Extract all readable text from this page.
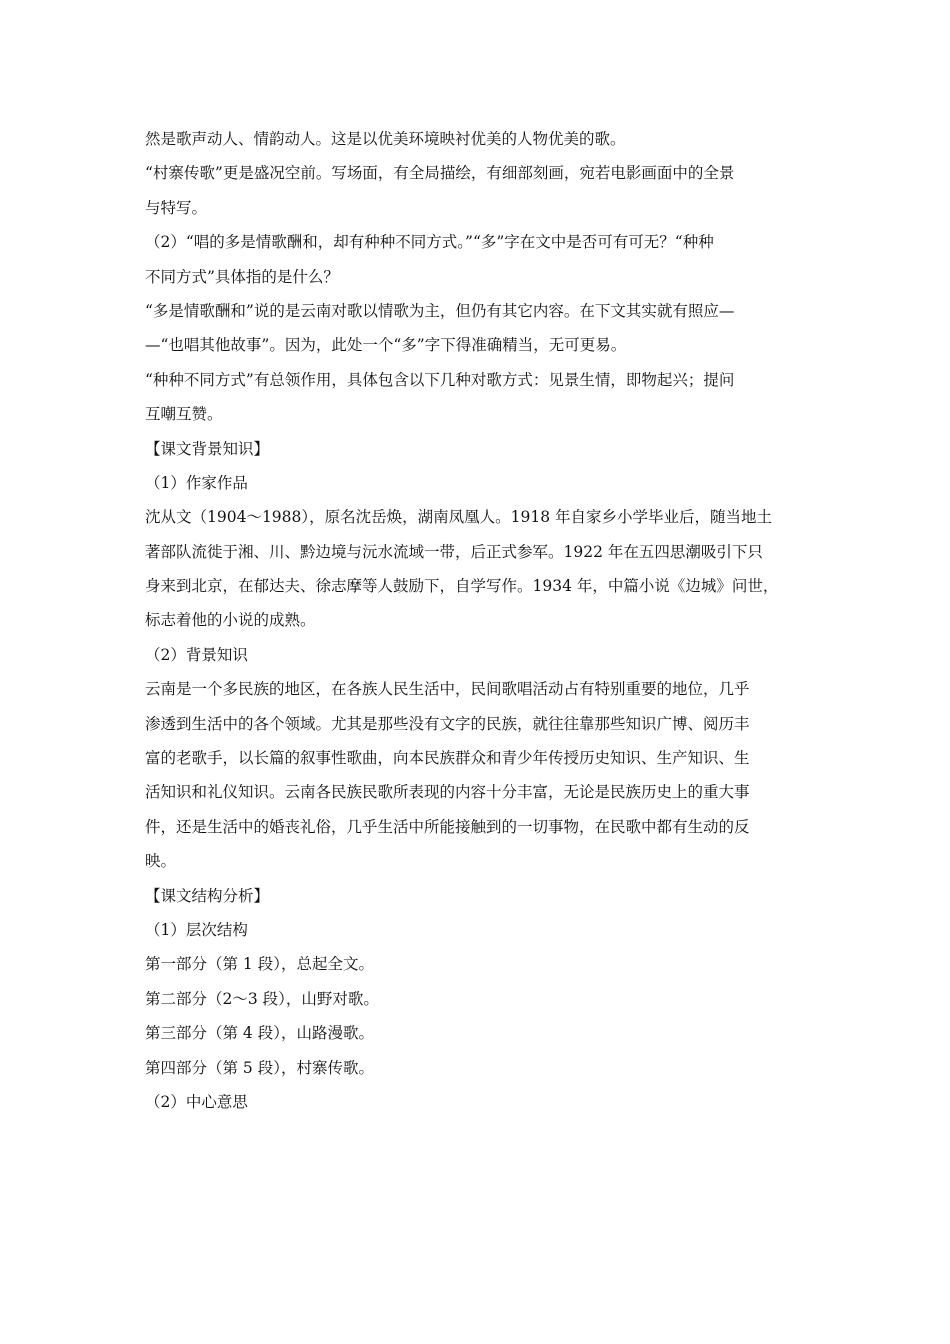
然是歌声动人、情韵动人。这是以优美环境映衬优美的人物优美的歌。
“村寨传歌”更是盛况空前。写场面，有全局描绘，有细部刻画，宛若电影画面中的全景
与特写。
（2）“唱的多是情歌酬和，却有种种不同方式。”“多”字在文中是否可有可无？“种种
不同方式”具体指的是什么？
“多是情歌酬和”说的是云南对歌以情歌为主，但仍有其它内容。在下文其实就有照应—
—“也唱其他故事”。因为，此处一个“多”字下得准确精当，无可更易。
“种种不同方式”有总领作用，具体包含以下几种对歌方式：见景生情，即物起兴；提问
互嘲互赞。
【课文背景知识】
（1）作家作品
沈从文（1904～1988），原名沈岳焕，湖南凤凰人。1918 年自家乡小学毕业后，随当地土
著部队流徙于湘、川、黔边境与沅水流域一带，后正式参军。1922 年在五四思潮吸引下只
身来到北京，在郁达夫、徐志摩等人鼓励下，自学写作。1934 年，中篇小说《边城》问世，
标志着他的小说的成熟。
（2）背景知识
云南是一个多民族的地区，在各族人民生活中，民间歌唱活动占有特别重要的地位，几乎
渗透到生活中的各个领域。尤其是那些没有文字的民族，就往往靠那些知识广博、阅历丰
富的老歌手，以长篇的叙事性歌曲，向本民族群众和青少年传授历史知识、生产知识、生
活知识和礼仪知识。云南各民族民歌所表现的内容十分丰富，无论是民族历史上的重大事
件，还是生活中的婚丧礼俗，几乎生活中所能接触到的一切事物，在民歌中都有生动的反
映。
【课文结构分析】
（1）层次结构
第一部分（第 1 段），总起全文。
第二部分（2～3 段），山野对歌。
第三部分（第 4 段），山路漫歌。
第四部分（第 5 段），村寨传歌。
（2）中心意思
